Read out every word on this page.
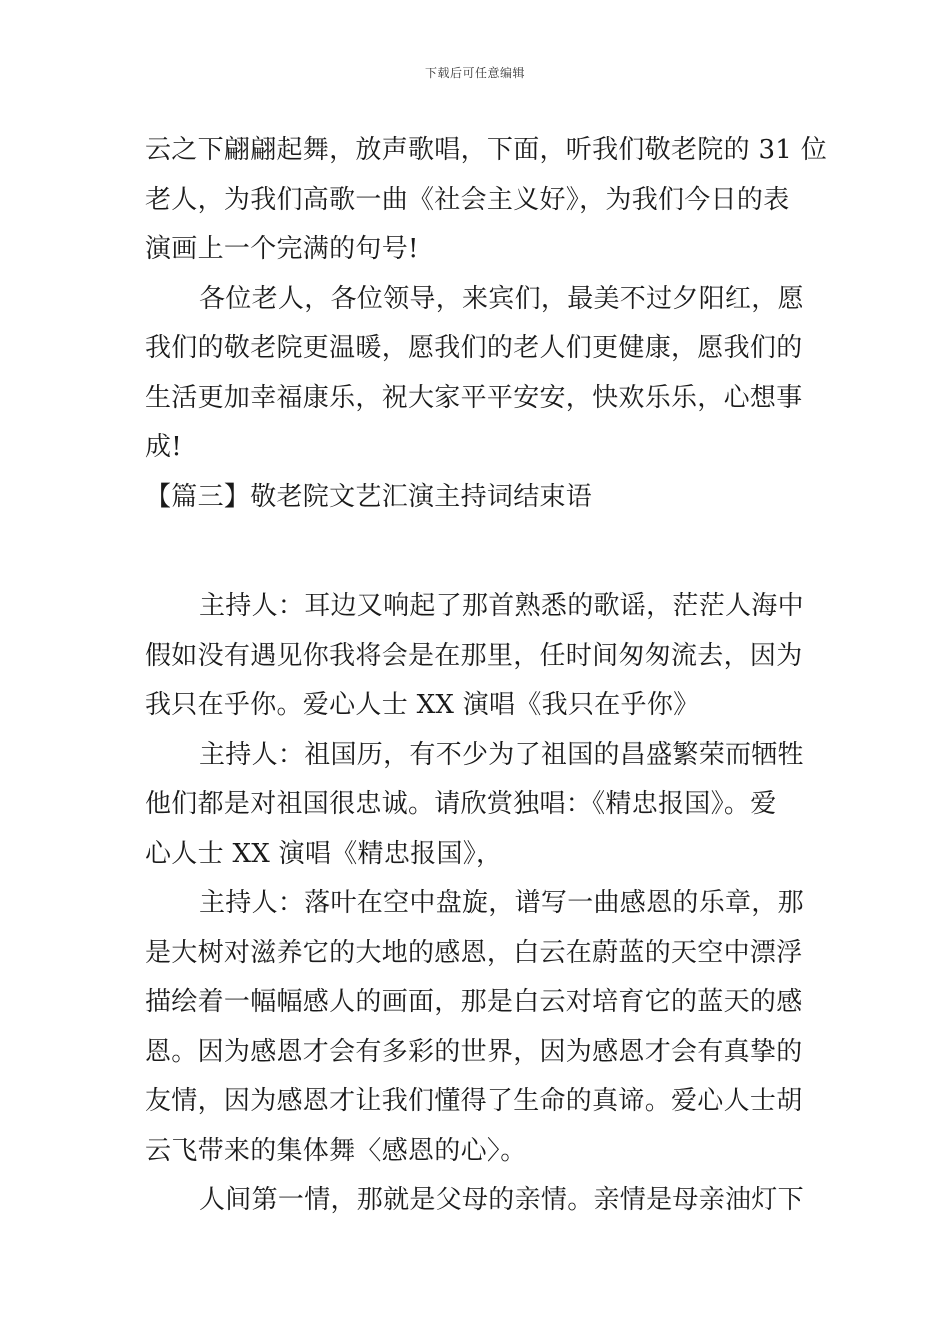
下载后可任意编辑
云之下翩翩起舞，放声歌唱，下面，听我们敬老院的 31 位
老人，为我们高歌一曲《社会主义好》，为我们今日的表
演画上一个完满的句号!
各位老人，各位领导，来宾们，最美不过夕阳红，愿
我们的敬老院更温暖，愿我们的老人们更健康，愿我们的
生活更加幸福康乐，祝大家平平安安，快欢乐乐，心想事
成!
【篇三】敬老院文艺汇演主持词结束语
主持人：耳边又响起了那首熟悉的歌谣，茫茫人海中
假如没有遇见你我将会是在那里，任时间匆匆流去，因为
我只在乎你。爱心人士 XX 演唱《我只在乎你》
主持人：祖国历，有不少为了祖国的昌盛繁荣而牺牲
他们都是对祖国很忠诚。请欣赏独唱：《精忠报国》。爱
心人士 XX 演唱《精忠报国》，
主持人：落叶在空中盘旋，谱写一曲感恩的乐章，那
是大树对滋养它的大地的感恩，白云在蔚蓝的天空中漂浮
描绘着一幅幅感人的画面，那是白云对培育它的蓝天的感
恩。因为感恩才会有多彩的世界，因为感恩才会有真挚的
友情，因为感恩才让我们懂得了生命的真谛。爱心人士胡
云飞带来的集体舞〈感恩的心〉。
人间第一情，那就是父母的亲情。亲情是母亲油灯下
